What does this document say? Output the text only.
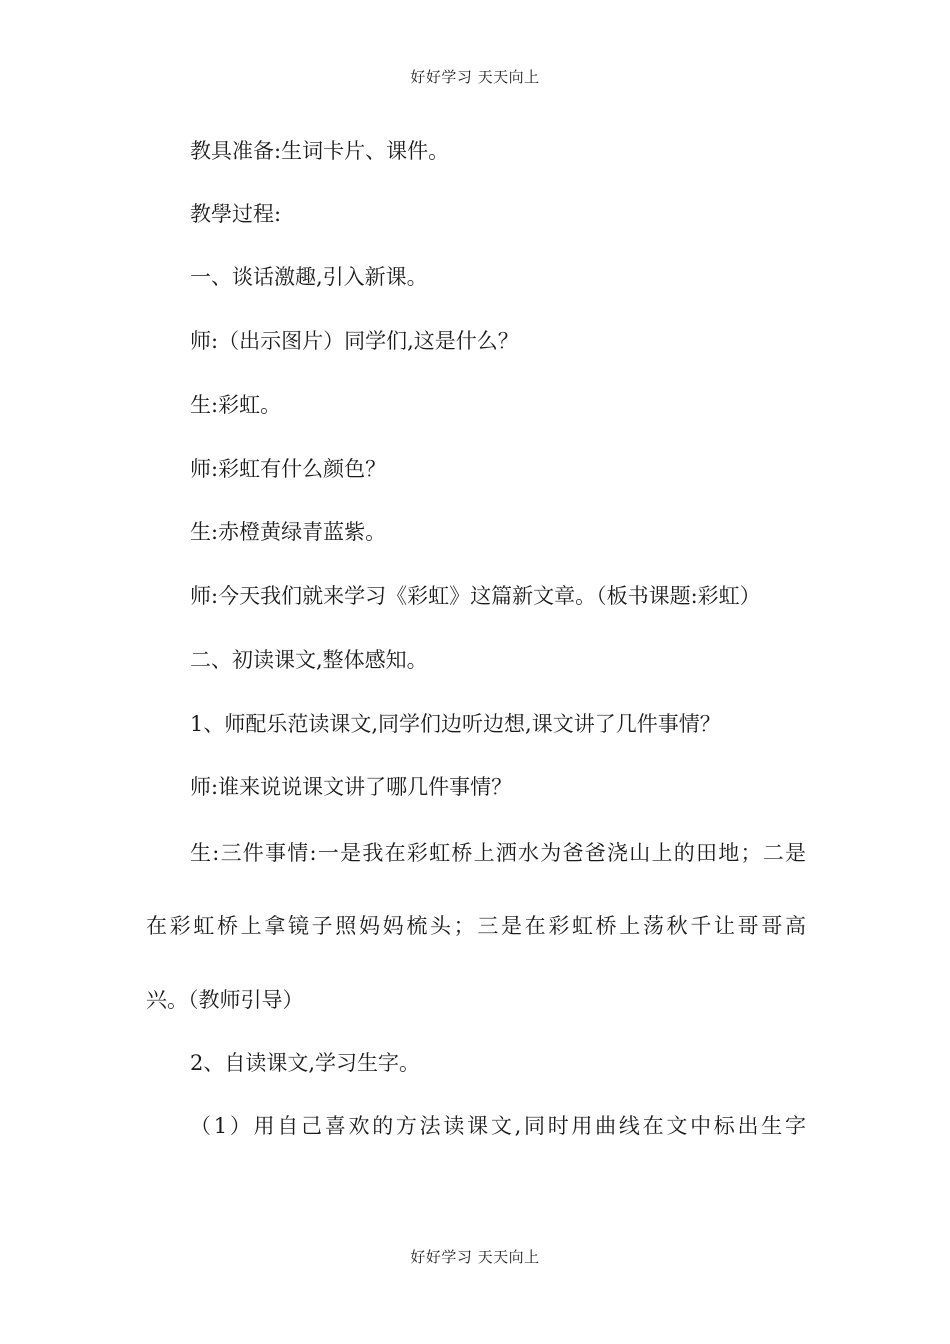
好好学习 天天向上
教具准备:生词卡片、课件。
教學过程:
一、谈话激趣,引入新课。
师:（出示图片）同学们,这是什么？
生:彩虹。
师:彩虹有什么颜色？
生:赤橙黄绿青蓝紫。
师:今天我们就来学习《彩虹》这篇新文章。（板书课题:彩虹）
二、初读课文,整体感知。
1、师配乐范读课文,同学们边听边想,课文讲了几件事情？
师:谁来说说课文讲了哪几件事情？
生:三件事情:一是我在彩虹桥上洒水为爸爸浇山上的田地；二是
在彩虹桥上拿镜子照妈妈梳头；三是在彩虹桥上荡秋千让哥哥高
兴。（教师引导）
2、自读课文,学习生字。
（1）用自己喜欢的方法读课文,同时用曲线在文中标出生字
好好学习 天天向上
